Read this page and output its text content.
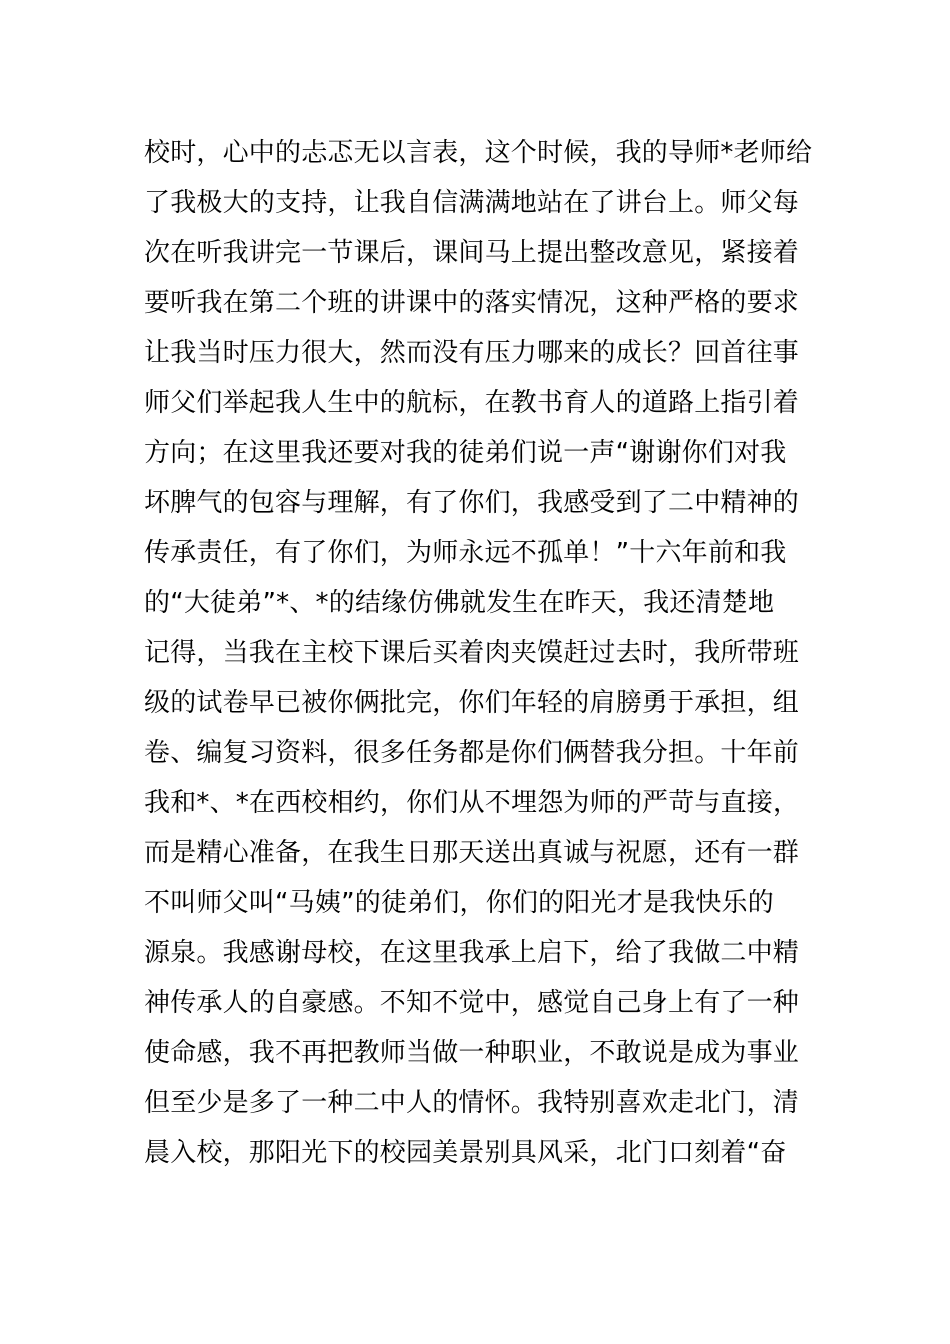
校时，心中的忐忑无以言表，这个时候，我的导师*老师给
了我极大的支持，让我自信满满地站在了讲台上。师父每
次在听我讲完一节课后，课间马上提出整改意见，紧接着
要听我在第二个班的讲课中的落实情况，这种严格的要求
让我当时压力很大，然而没有压力哪来的成长？回首往事
师父们举起我人生中的航标，在教书育人的道路上指引着
方向；在这里我还要对我的徒弟们说一声“谢谢你们对我
坏脾气的包容与理解，有了你们，我感受到了二中精神的
传承责任，有了你们，为师永远不孤单！”十六年前和我
的“大徒弟”*、*的结缘仿佛就发生在昨天，我还清楚地
记得，当我在主校下课后买着肉夹馍赶过去时，我所带班
级的试卷早已被你俩批完，你们年轻的肩膀勇于承担，组
卷、编复习资料，很多任务都是你们俩替我分担。十年前
我和*、*在西校相约，你们从不埋怨为师的严苛与直接，
而是精心准备，在我生日那天送出真诚与祝愿，还有一群
不叫师父叫“马姨”的徒弟们，你们的阳光才是我快乐的
源泉。我感谢母校，在这里我承上启下，给了我做二中精
神传承人的自豪感。不知不觉中，感觉自己身上有了一种
使命感，我不再把教师当做一种职业，不敢说是成为事业
但至少是多了一种二中人的情怀。我特别喜欢走北门，清
晨入校，那阳光下的校园美景别具风采，北门口刻着“奋
